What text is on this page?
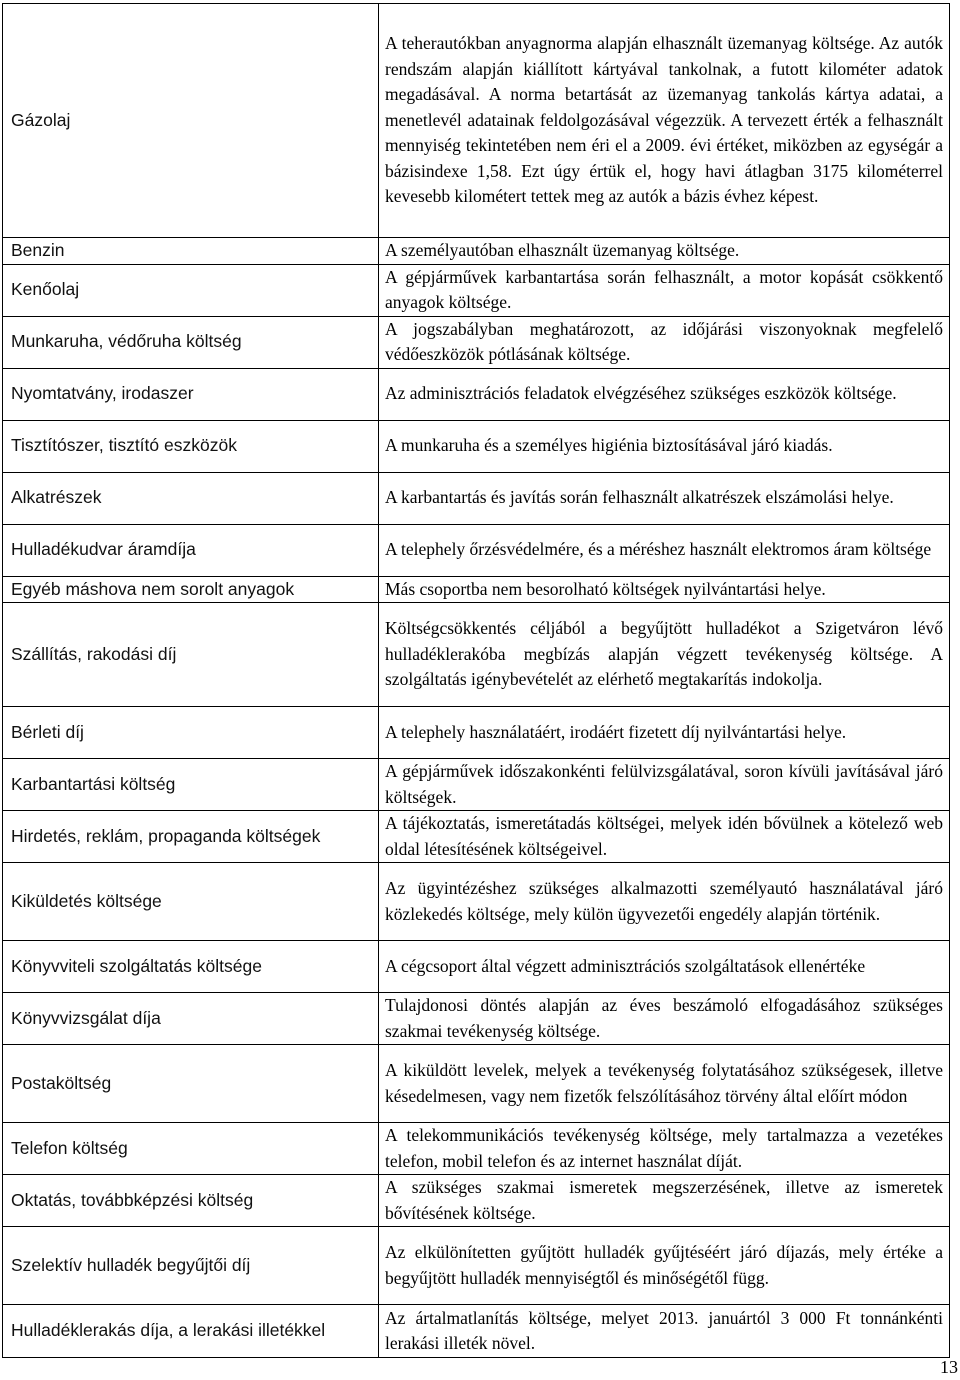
Gázolaj	A teherautókban anyagnorma alapján elhasznált üzemanyag költsége. Az autók rendszám alapján kiállított kártyával tankolnak, a futott kilométer adatok megadásával. A norma betartását az üzemanyag tankolás kártya adatai, a menetlevél adatainak feldolgozásával végezzük. A tervezett érték a felhasznált mennyiség tekintetében nem éri el a 2009. évi értéket, miközben az egységár a bázisindexe 1,58. Ezt úgy értük el, hogy havi átlagban 3175 kilométerrel kevesebb kilométert tettek meg az autók a bázis évhez képest.
Benzin	A személyautóban elhasznált üzemanyag költsége.
Kenőolaj	A gépjárművek karbantartása során felhasznált, a motor kopását csökkentő anyagok költsége.
Munkaruha, védőruha költség	A jogszabályban meghatározott, az időjárási viszonyoknak megfelelő védőeszközök pótlásának költsége.
Nyomtatvány, irodaszer	Az adminisztrációs feladatok elvégzéséhez szükséges eszközök költsége.
Tisztítószer, tisztító eszközök	A munkaruha és a személyes higiénia biztosításával járó kiadás.
Alkatrészek	A karbantartás és javítás során felhasznált alkatrészek elszámolási helye.
Hulladékudvar áramdíja	A telephely őrzésvédelmére, és a méréshez használt elektromos áram költsége
Egyéb máshova nem sorolt anyagok	Más csoportba nem besorolható költségek nyilvántartási helye.
Szállítás, rakodási díj	Költségcsökkentés céljából a begyűjtött hulladékot a Szigetváron lévő hulladéklerakóba megbízás alapján végzett tevékenység költsége. A szolgáltatás igénybevételét az elérhető megtakarítás indokolja.
Bérleti díj	A telephely használatáért, irodáért fizetett díj nyilvántartási helye.
Karbantartási költség	A gépjárművek időszakonkénti felülvizsgálatával, soron kívüli javításával járó költségek.
Hirdetés, reklám, propaganda költségek	A tájékoztatás, ismeretátadás költségei, melyek idén bővülnek a kötelező web oldal létesítésének költségeivel.
Kiküldetés költsége	Az ügyintézéshez szükséges alkalmazotti személyautó használatával járó közlekedés költsége, mely külön ügyvezetői engedély alapján történik.
Könyvviteli szolgáltatás költsége	A cégcsoport által végzett adminisztrációs szolgáltatások ellenértéke
Könyvvizsgálat díja	Tulajdonosi döntés alapján az éves beszámoló elfogadásához szükséges szakmai tevékenység költsége.
Postaköltség	A kiküldött levelek, melyek a tevékenység folytatásához szükségesek, illetve késedelmesen, vagy nem fizetők felszólításához törvény által előírt módon
Telefon költség	A telekommunikációs tevékenység költsége, mely tartalmazza a vezetékes telefon, mobil telefon és az internet használat díját.
Oktatás, továbbképzési költség	A szükséges szakmai ismeretek megszerzésének, illetve az ismeretek bővítésének költsége.
Szelektív hulladék begyűjtői díj	Az elkülönítetten gyűjtött hulladék gyűjtéséért járó díjazás, mely értéke a begyűjtött hulladék mennyiségtől és minőségétől függ.
Hulladéklerakás díja, a lerakási illetékkel	Az ártalmatlanítás költsége, melyet 2013. januártól 3 000 Ft tonnánkénti lerakási illeték növel.
13
